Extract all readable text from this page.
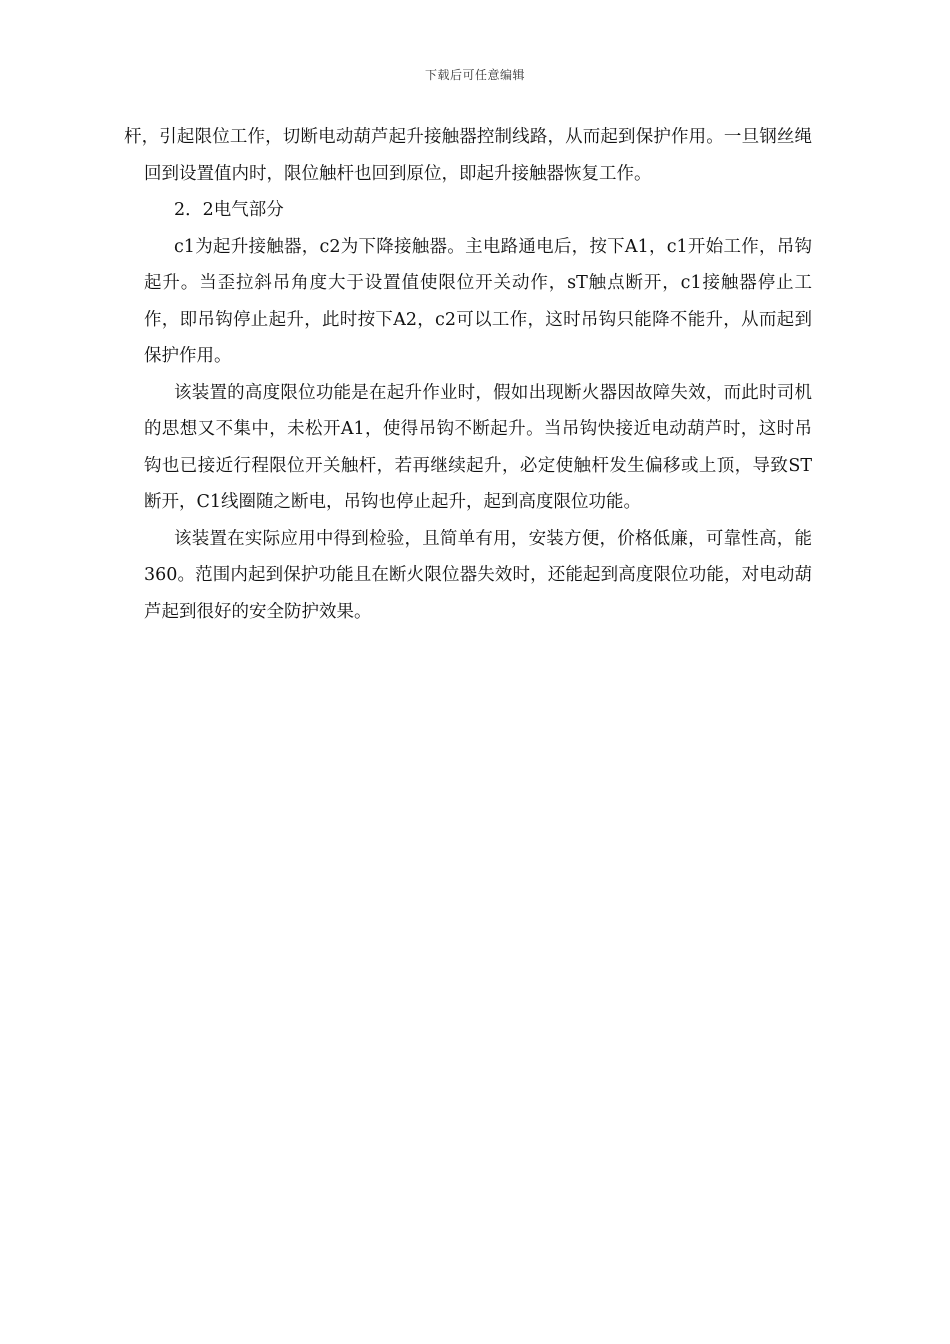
下载后可任意编辑

杆，引起限位工作，切断电动葫芦起升接触器控制线路，从而起到保护作用。一旦钢丝绳回到设置值内时，限位触杆也回到原位，即起升接触器恢复工作。

2．2电气部分

c1为起升接触器，c2为下降接触器。主电路通电后，按下A1，c1开始工作，吊钩起升。当歪拉斜吊角度大于设置值使限位开关动作，sT触点断开，c1接触器停止工作，即吊钩停止起升，此时按下A2，c2可以工作，这时吊钩只能降不能升，从而起到保护作用。

该装置的高度限位功能是在起升作业时，假如出现断火器因故障失效，而此时司机的思想又不集中，未松开A1，使得吊钩不断起升。当吊钩快接近电动葫芦时，这时吊钩也已接近行程限位开关触杆，若再继续起升，必定使触杆发生偏移或上顶，导致ST断开，C1线圈随之断电，吊钩也停止起升，起到高度限位功能。

该装置在实际应用中得到检验，且简单有用，安装方便，价格低廉，可靠性高，能360。范围内起到保护功能且在断火限位器失效时，还能起到高度限位功能，对电动葫芦起到很好的安全防护效果。
